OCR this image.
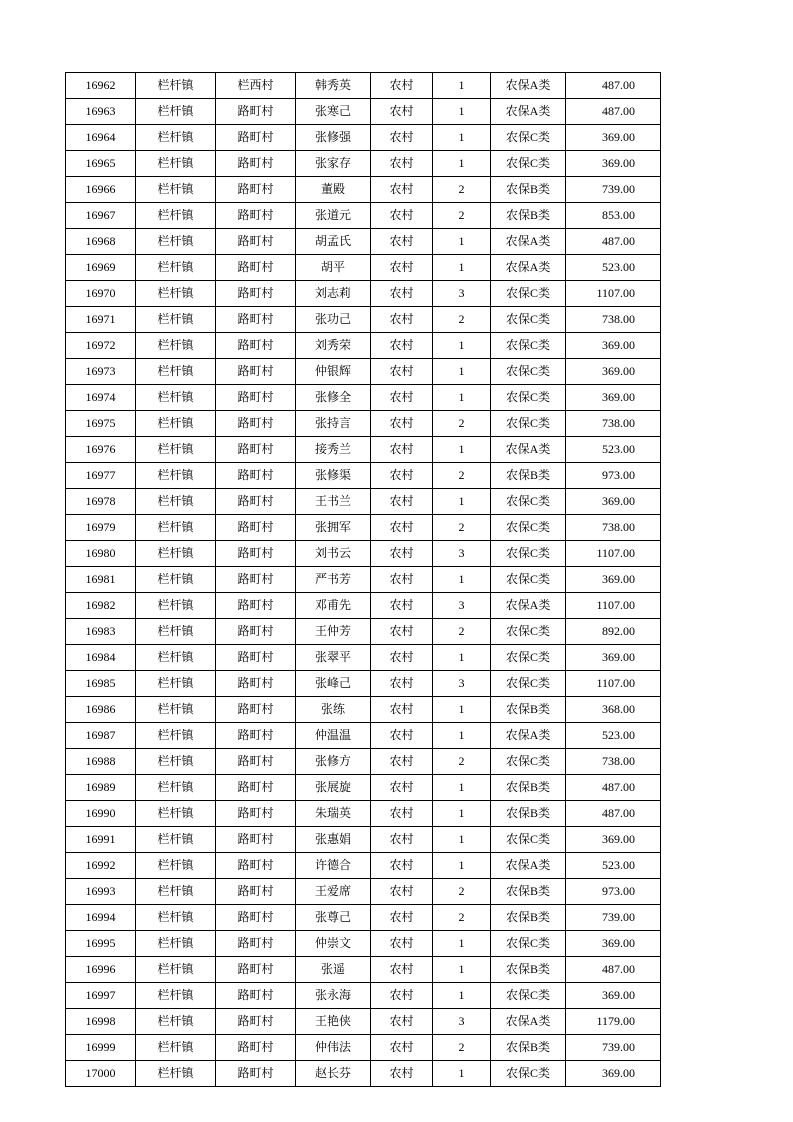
16962	栏杆镇	栏西村	韩秀英	农村	1	农保A类	487.00
16963	栏杆镇	路町村	张寒己	农村	1	农保A类	487.00
16964	栏杆镇	路町村	张修强	农村	1	农保C类	369.00
16965	栏杆镇	路町村	张家存	农村	1	农保C类	369.00
16966	栏杆镇	路町村	董殿	农村	2	农保B类	739.00
16967	栏杆镇	路町村	张道元	农村	2	农保B类	853.00
16968	栏杆镇	路町村	胡孟氏	农村	1	农保A类	487.00
16969	栏杆镇	路町村	胡平	农村	1	农保A类	523.00
16970	栏杆镇	路町村	刘志莉	农村	3	农保C类	1107.00
16971	栏杆镇	路町村	张功己	农村	2	农保C类	738.00
16972	栏杆镇	路町村	刘秀荣	农村	1	农保C类	369.00
16973	栏杆镇	路町村	仲银辉	农村	1	农保C类	369.00
16974	栏杆镇	路町村	张修全	农村	1	农保C类	369.00
16975	栏杆镇	路町村	张持言	农村	2	农保C类	738.00
16976	栏杆镇	路町村	接秀兰	农村	1	农保A类	523.00
16977	栏杆镇	路町村	张修渠	农村	2	农保B类	973.00
16978	栏杆镇	路町村	王书兰	农村	1	农保C类	369.00
16979	栏杆镇	路町村	张拥军	农村	2	农保C类	738.00
16980	栏杆镇	路町村	刘书云	农村	3	农保C类	1107.00
16981	栏杆镇	路町村	严书芳	农村	1	农保C类	369.00
16982	栏杆镇	路町村	邓甫先	农村	3	农保A类	1107.00
16983	栏杆镇	路町村	王仲芳	农村	2	农保C类	892.00
16984	栏杆镇	路町村	张翠平	农村	1	农保C类	369.00
16985	栏杆镇	路町村	张峰己	农村	3	农保C类	1107.00
16986	栏杆镇	路町村	张练	农村	1	农保B类	368.00
16987	栏杆镇	路町村	仲温温	农村	1	农保A类	523.00
16988	栏杆镇	路町村	张修方	农村	2	农保C类	738.00
16989	栏杆镇	路町村	张展旋	农村	1	农保B类	487.00
16990	栏杆镇	路町村	朱瑞英	农村	1	农保B类	487.00
16991	栏杆镇	路町村	张惠娟	农村	1	农保C类	369.00
16992	栏杆镇	路町村	许德合	农村	1	农保A类	523.00
16993	栏杆镇	路町村	王爱席	农村	2	农保B类	973.00
16994	栏杆镇	路町村	张尊己	农村	2	农保B类	739.00
16995	栏杆镇	路町村	仲崇文	农村	1	农保C类	369.00
16996	栏杆镇	路町村	张遥	农村	1	农保B类	487.00
16997	栏杆镇	路町村	张永海	农村	1	农保C类	369.00
16998	栏杆镇	路町村	王艳侠	农村	3	农保A类	1179.00
16999	栏杆镇	路町村	仲伟法	农村	2	农保B类	739.00
17000	栏杆镇	路町村	赵长芬	农村	1	农保C类	369.00
